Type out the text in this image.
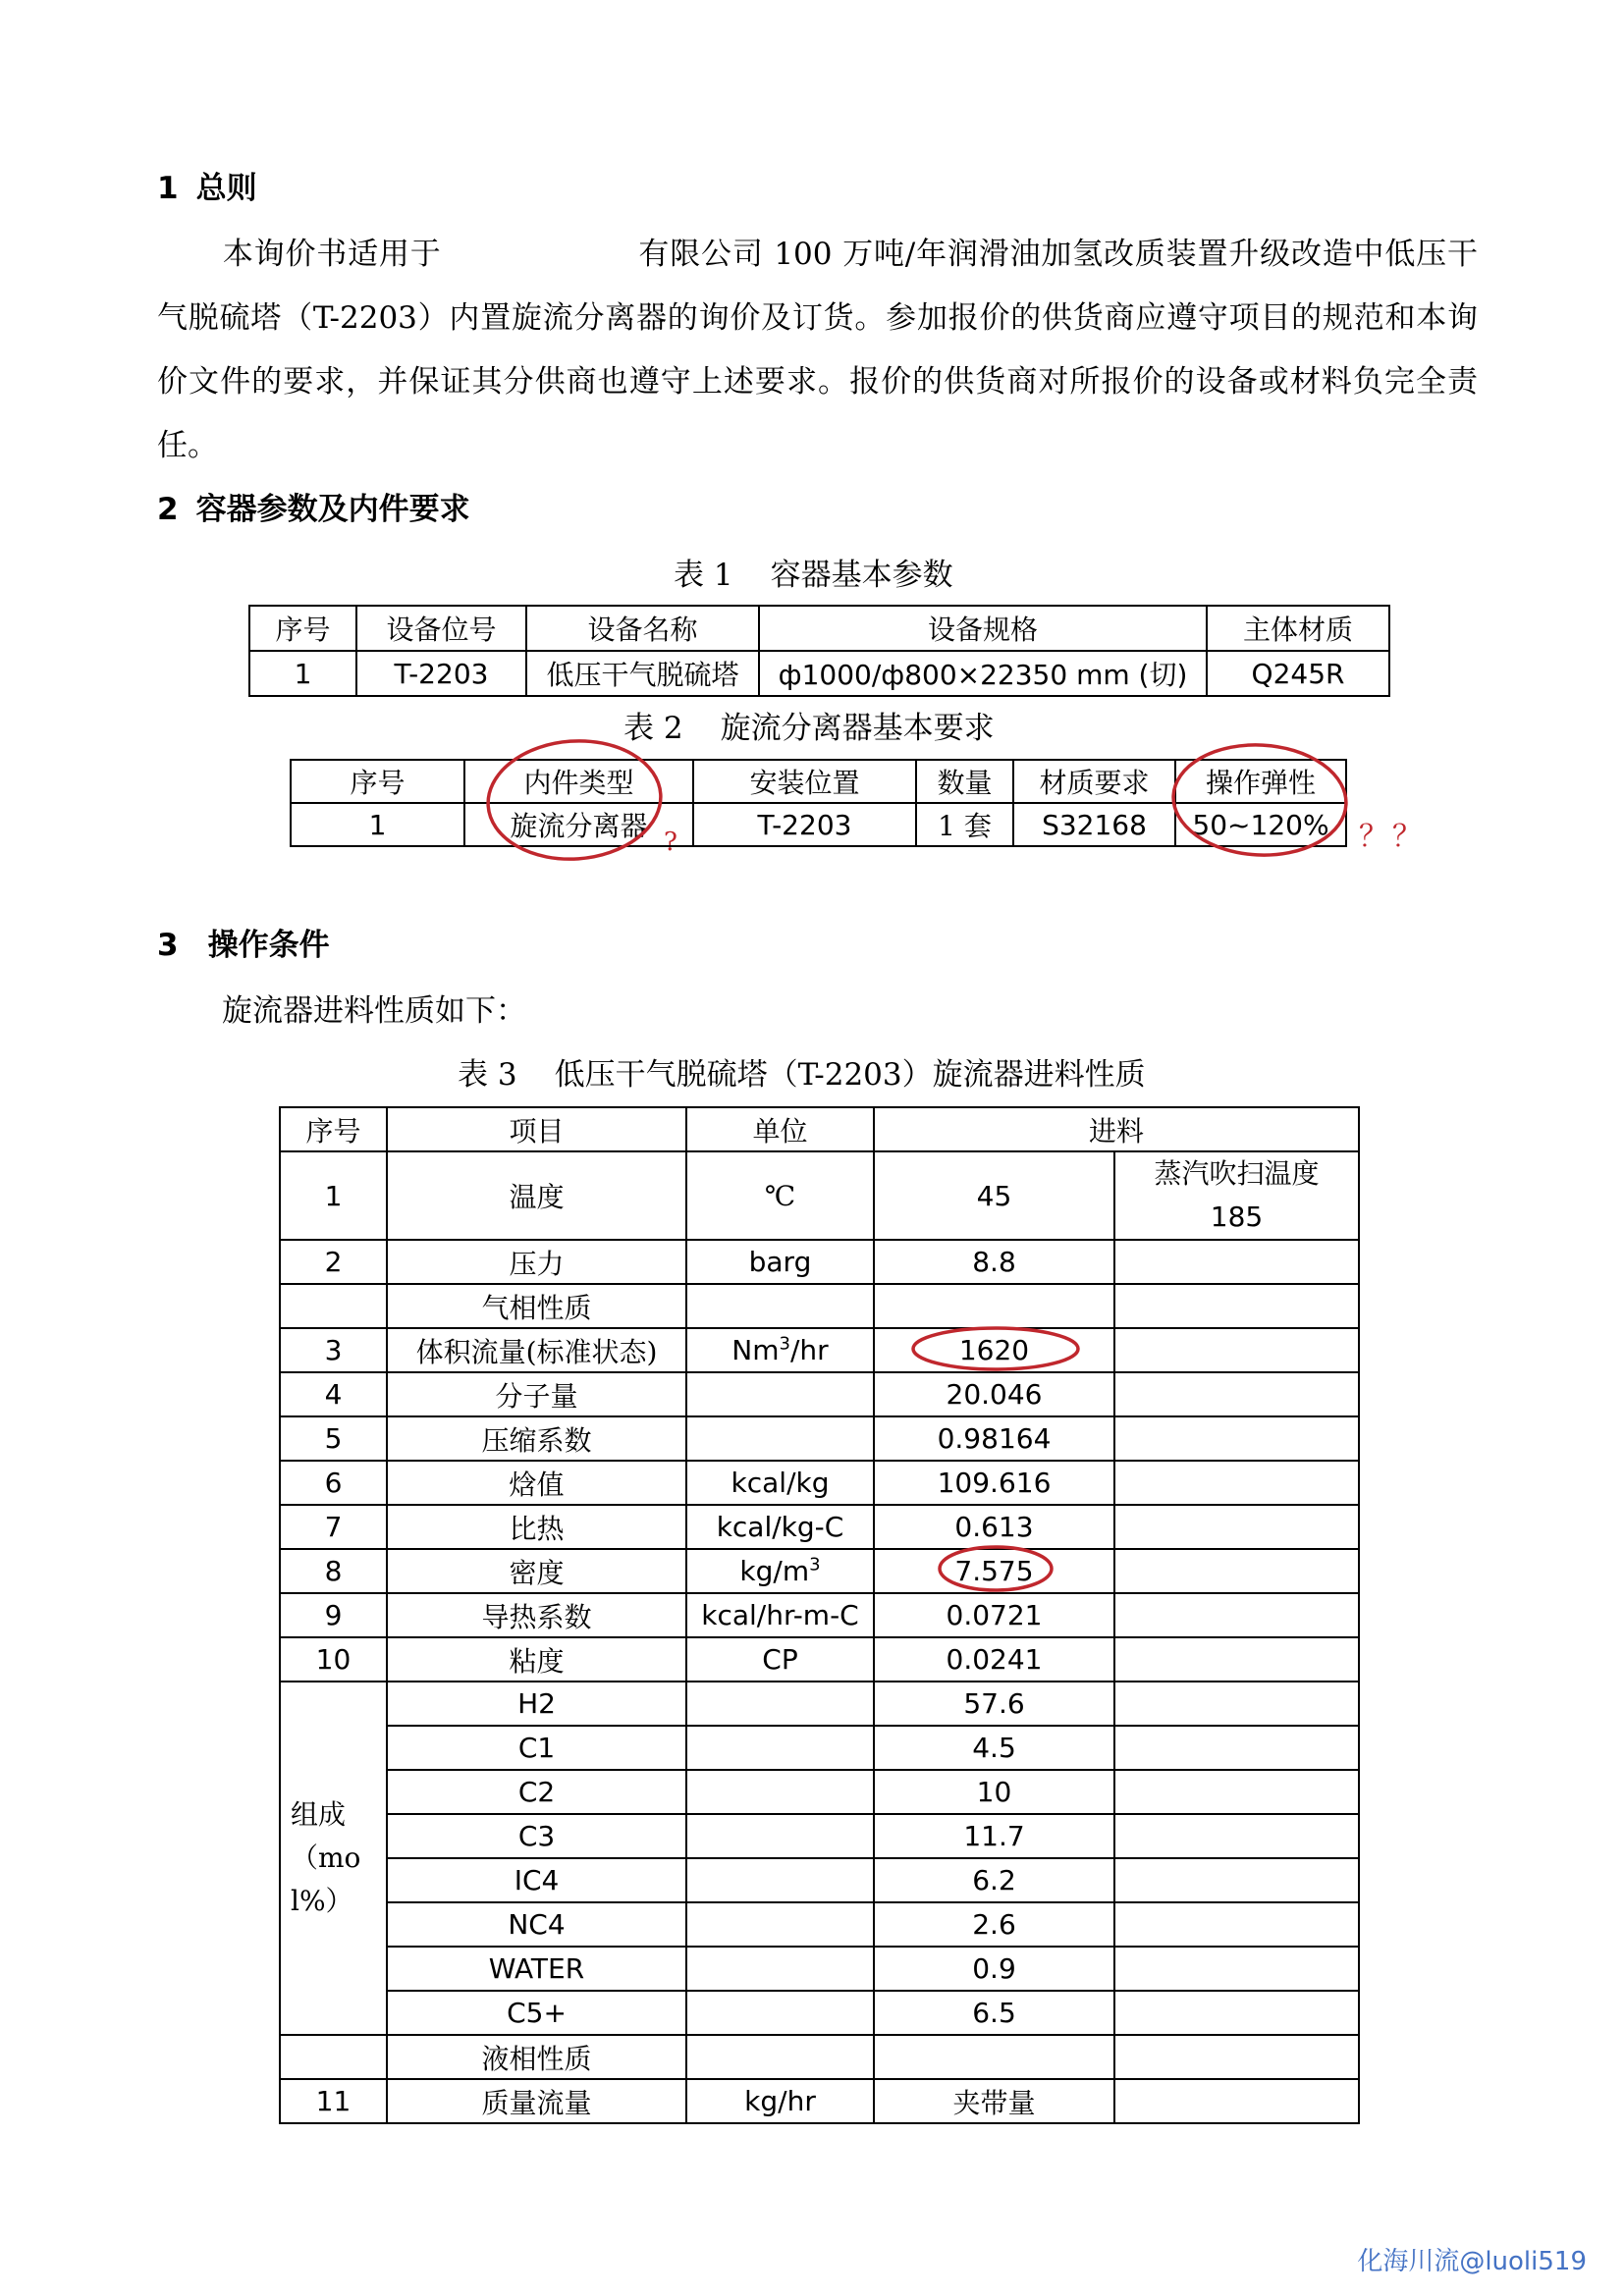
1 总则
本询价书适用于	有限公司 100 万吨/年润滑油加氢改质装置升级改造中低压干气脱硫塔（T-2203）内置旋流分离器的询价及订货。参加报价的供货商应遵守项目的规范和本询价文件的要求，并保证其分供商也遵守上述要求。报价的供货商对所报价的设备或材料负完全责任。
2 容器参数及内件要求
表 1 容器基本参数
序号	设备位号	设备名称	设备规格	主体材质
1	T-2203	低压干气脱硫塔	ф1000/ф800×22350 mm (切)	Q245R
表 2 旋流分离器基本要求
序号	内件类型	安装位置	数量	材质要求	操作弹性
1	旋流分离器	T-2203	1 套	S32168	50~120%
3 操作条件
旋流器进料性质如下：
表 3 低压干气脱硫塔（T-2203）旋流器进料性质
序号	项目	单位	进料	
1	温度	℃	45	蒸汽吹扫温度
185
2	压力	barg	8.8	
	气相性质			
3	体积流量(标准状态)	Nm$^3$/hr	1620	
4	分子量		20.046	
5	压缩系数		0.98164	
6	焓值	kcal/kg	109.616	
7	比热	kcal/kg-C	0.613	
8	密度	$kg/m^3$	7.575	
9	导热系数	kcal/hr-m-C	0.0721	
10	粘度	CP	0.0241	
组成
（mo
l%）	H2		57.6	
	C1		4.5	
	C2		10	
	C3		11.7	
	IC4		6.2	
	NC4		2.6	
	WATER		0.9	
	C5+		6.5	
	液相性质			
11	质量流量	kg/hr	夹带量	
?	？？
化海川流@luoli519
